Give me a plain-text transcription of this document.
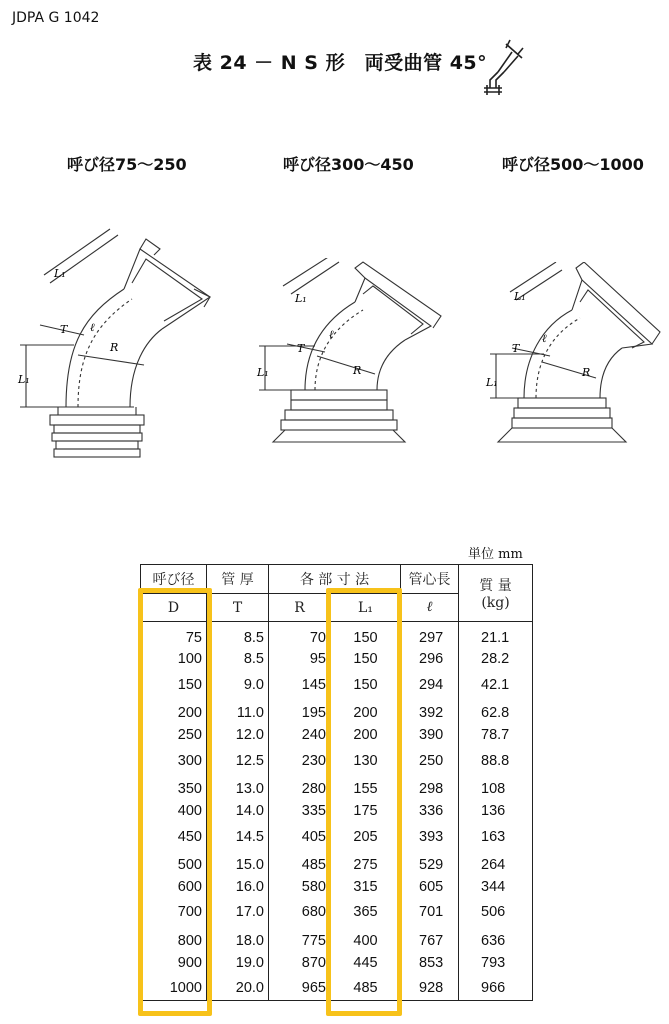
JDPA G 1042
表 24 － N S 形　両受曲管 45°
呼び径75～250	呼び径300～450	呼び径500～1000
L₁
L₁
T ℓ
R
L₁
L₁
T
ℓ
R
L₁
L₁
T
ℓ
R
単位 mm
呼び径	管 厚	各 部 寸 法		管心長	質 量
(kg)
D	T	R	L₁	ℓ	
75	8.5	70	150	297	21.1
100	8.5	95	150	296	28.2
150	9.0	145	150	294	42.1
200	11.0	195	200	392	62.8
250	12.0	240	200	390	78.7
300	12.5	230	130	250	88.8
350	13.0	280	155	298	108
400	14.0	335	175	336	136
450	14.5	405	205	393	163
500	15.0	485	275	529	264
600	16.0	580	315	605	344
700	17.0	680	365	701	506
800	18.0	775	400	767	636
900	19.0	870	445	853	793
1000	20.0	965	485	928	966
